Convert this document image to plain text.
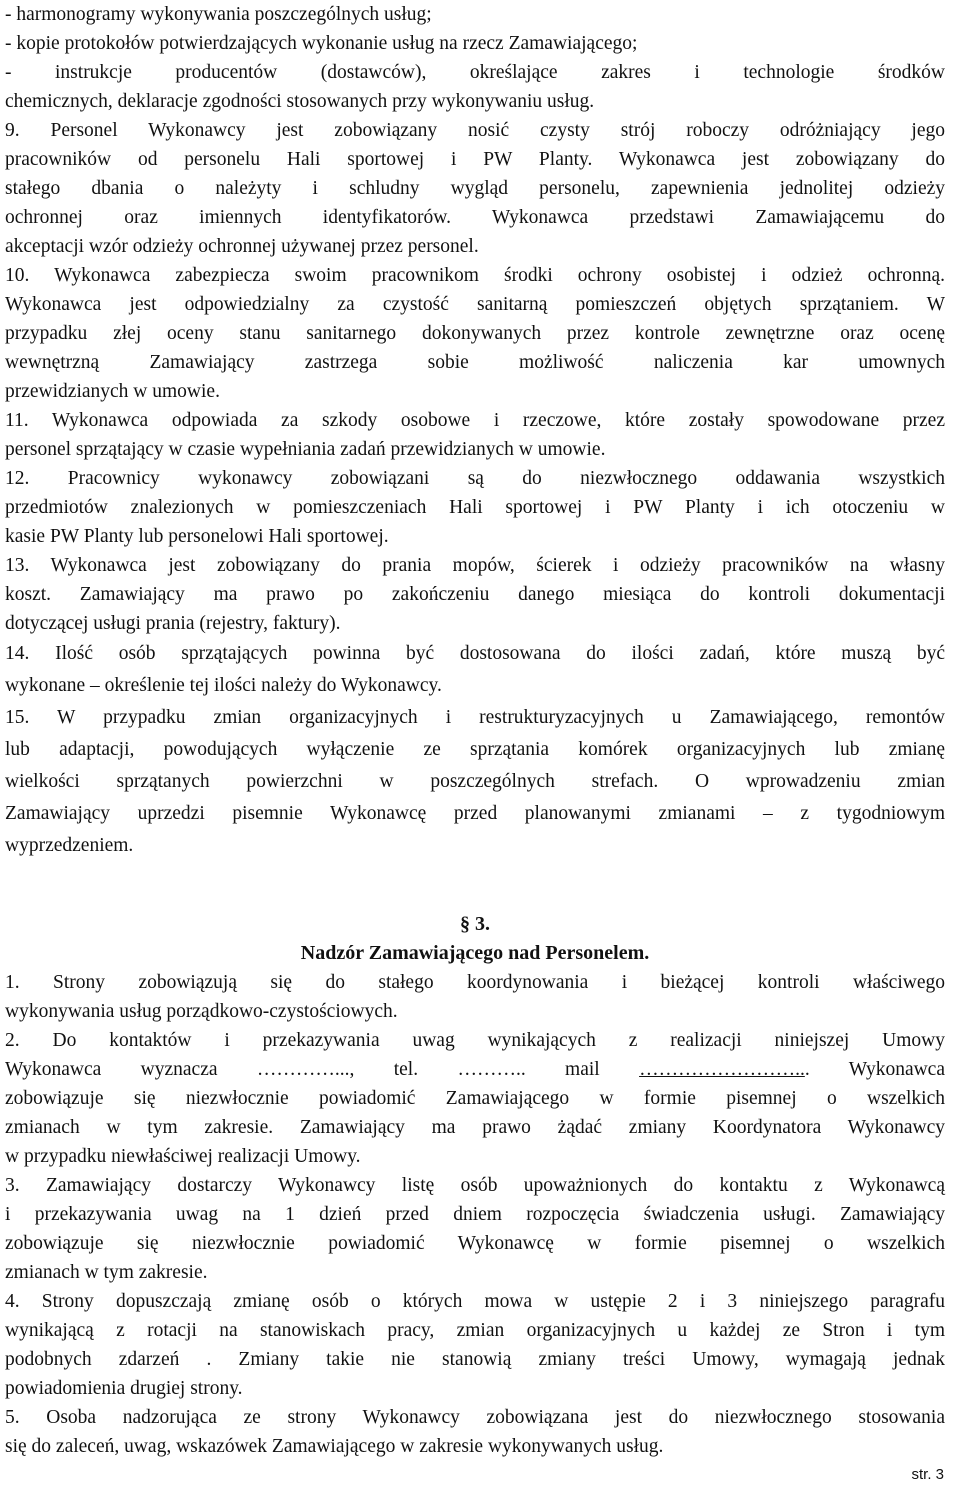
- harmonogramy wykonywania poszczególnych usług;
- kopie protokołów potwierdzających wykonanie usług na rzecz Zamawiającego;
- instrukcje producentów (dostawców), określające zakres i technologie środków
chemicznych, deklaracje zgodności stosowanych przy wykonywaniu usług.
9. Personel Wykonawcy jest zobowiązany nosić czysty strój roboczy odróżniający jego
pracowników od personelu Hali sportowej i PW Planty. Wykonawca jest zobowiązany do
stałego dbania o należyty i schludny wygląd personelu, zapewnienia jednolitej odzieży
ochronnej oraz imiennych identyfikatorów. Wykonawca przedstawi Zamawiającemu do
akceptacji wzór odzieży ochronnej używanej przez personel.
10. Wykonawca zabezpiecza swoim pracownikom środki ochrony osobistej i odzież ochronną.
Wykonawca jest odpowiedzialny za czystość sanitarną pomieszczeń objętych sprzątaniem. W
przypadku złej oceny stanu sanitarnego dokonywanych przez kontrole zewnętrzne oraz ocenę
wewnętrzną Zamawiający zastrzega sobie możliwość naliczenia kar umownych
przewidzianych w umowie.
11. Wykonawca odpowiada za szkody osobowe i rzeczowe, które zostały spowodowane przez
personel sprzątający w czasie wypełniania zadań przewidzianych w umowie.
12. Pracownicy wykonawcy zobowiązani są do niezwłocznego oddawania wszystkich
przedmiotów znalezionych w pomieszczeniach Hali sportowej i PW Planty i ich otoczeniu w
kasie PW Planty lub personelowi Hali sportowej.
13. Wykonawca jest zobowiązany do prania mopów, ścierek i odzieży pracowników na własny
koszt. Zamawiający ma prawo po zakończeniu danego miesiąca do kontroli dokumentacji
dotyczącej usługi prania (rejestry, faktury).
14. Ilość osób sprzątających powinna być dostosowana do ilości zadań, które muszą być
wykonane – określenie tej ilości należy do Wykonawcy.
15. W przypadku zmian organizacyjnych i restrukturyzacyjnych u Zamawiającego, remontów
lub adaptacji, powodujących wyłączenie ze sprzątania komórek organizacyjnych lub zmianę
wielkości sprzątanych powierzchni w poszczególnych strefach. O wprowadzeniu zmian
Zamawiający uprzedzi pisemnie Wykonawcę przed planowanymi zmianami – z tygodniowym
wyprzedzeniem.
§ 3.
Nadzór Zamawiającego nad Personelem.
1. Strony zobowiązują się do stałego koordynowania i bieżącej kontroli właściwego
wykonywania usług porządkowo-czystościowych.
2. Do kontaktów i przekazywania uwag wynikających z realizacji niniejszej Umowy
Wykonawca wyznacza …………..., tel. ……….. mail ……………………... Wykonawca
zobowiązuje się niezwłocznie powiadomić Zamawiającego w formie pisemnej o wszelkich
zmianach w tym zakresie. Zamawiający ma prawo żądać zmiany Koordynatora Wykonawcy
w przypadku niewłaściwej realizacji Umowy.
3. Zamawiający dostarczy Wykonawcy listę osób upoważnionych do kontaktu z Wykonawcą
i przekazywania uwag na 1 dzień przed dniem rozpoczęcia świadczenia usługi. Zamawiający
zobowiązuje się niezwłocznie powiadomić Wykonawcę w formie pisemnej o wszelkich
zmianach w tym zakresie.
4. Strony dopuszczają zmianę osób o których mowa w ustępie 2 i 3 niniejszego paragrafu
wynikającą z rotacji na stanowiskach pracy, zmian organizacyjnych u każdej ze Stron i tym
podobnych zdarzeń . Zmiany takie nie stanowią zmiany treści Umowy, wymagają jednak
powiadomienia drugiej strony.
5. Osoba nadzorująca ze strony Wykonawcy zobowiązana jest do niezwłocznego stosowania
się do zaleceń, uwag, wskazówek Zamawiającego w zakresie wykonywanych usług.
str. 3
